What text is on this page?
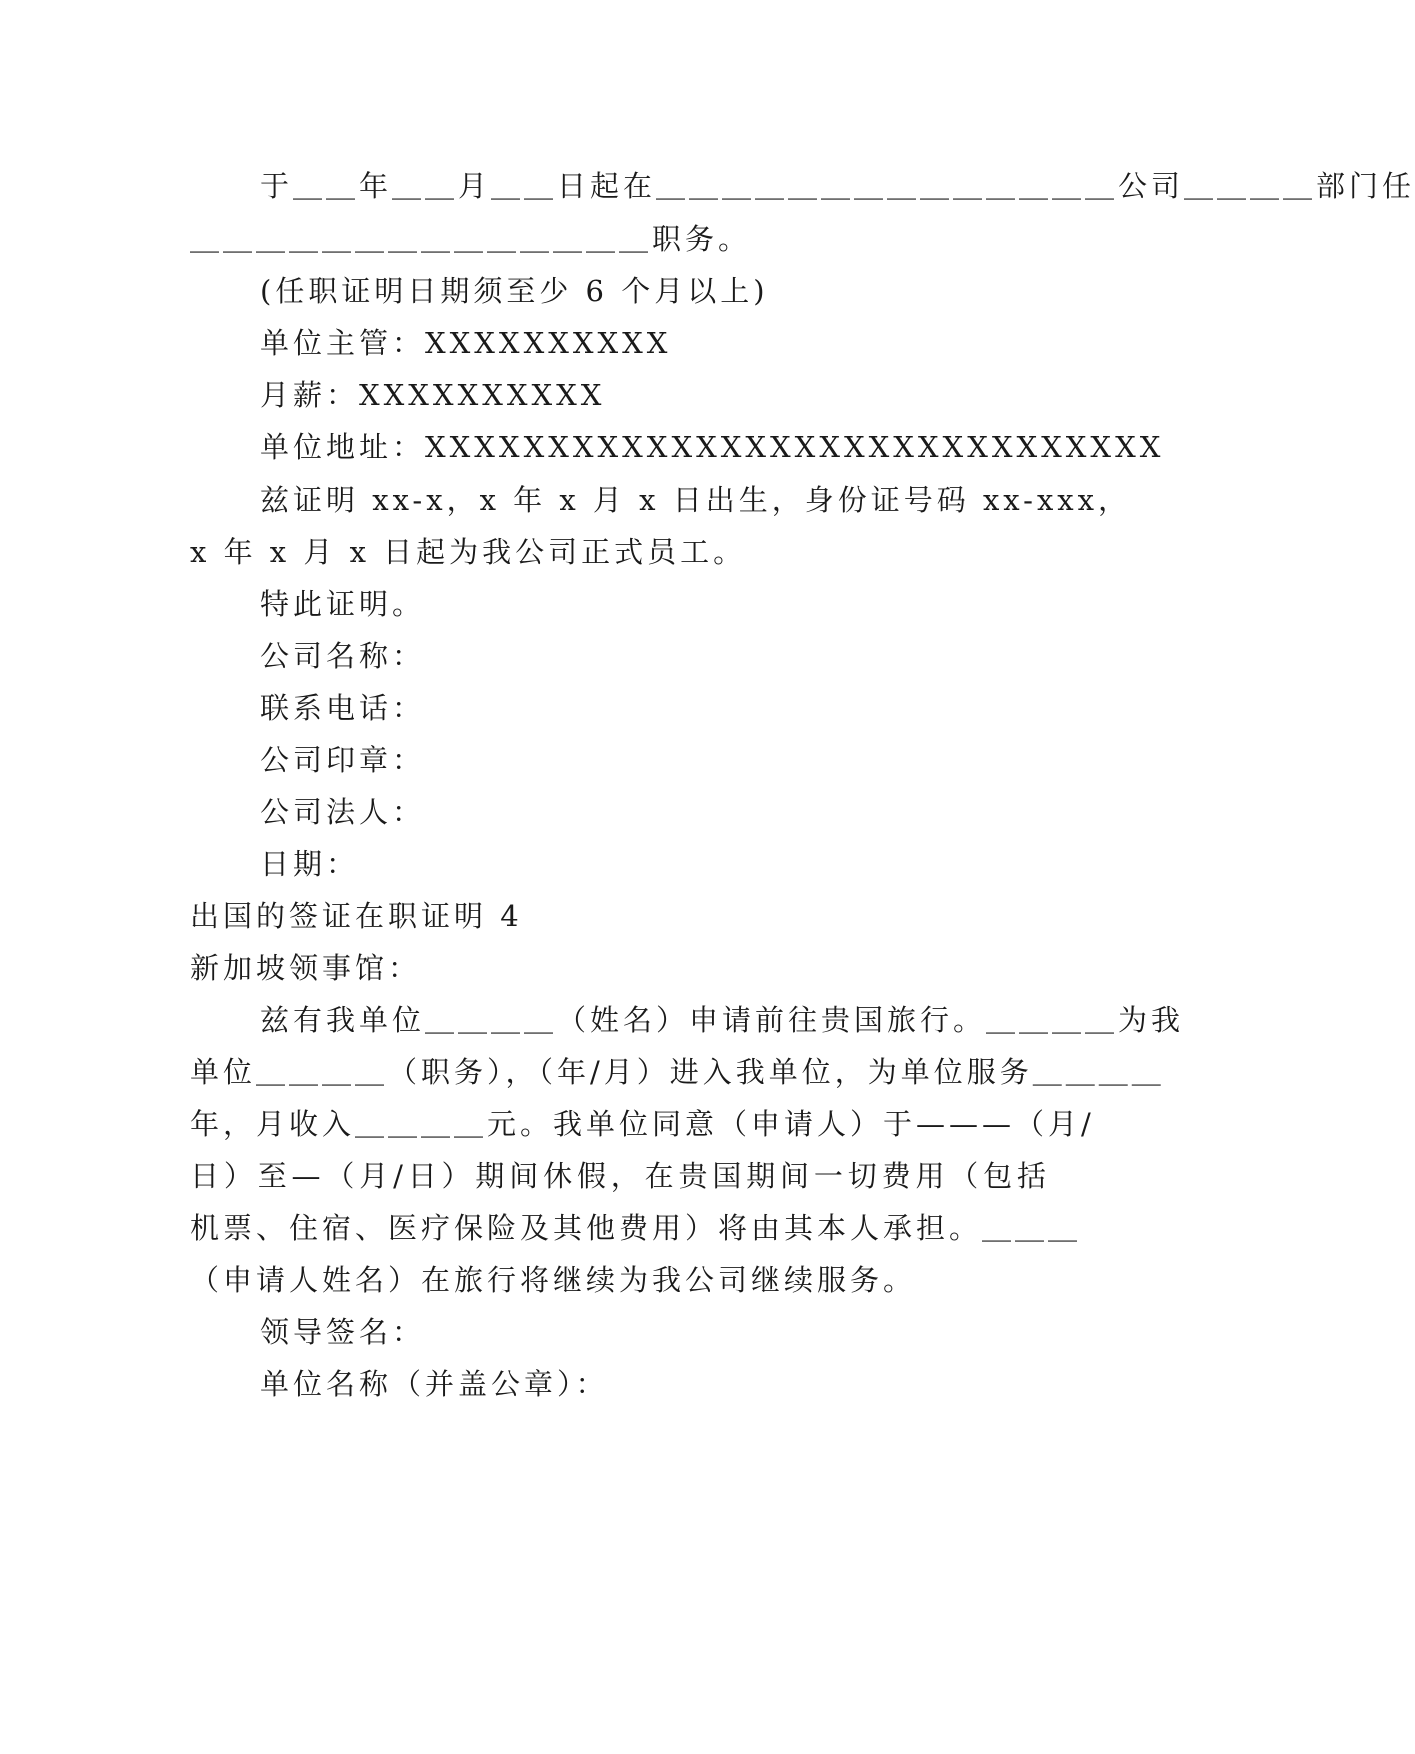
于＿＿年＿＿月＿＿日起在＿＿＿＿＿＿＿＿＿＿＿＿＿＿公司＿＿＿＿部门任
＿＿＿＿＿＿＿＿＿＿＿＿＿＿职务。
(任职证明日期须至少 6 个月以上)
单位主管：XXXXXXXXXX
月薪：XXXXXXXXXX
单位地址：XXXXXXXXXXXXXXXXXXXXXXXXXXXXXX
兹证明 xx-x，x 年 x 月 x 日出生，身份证号码 xx-xxx，
x 年 x 月 x 日起为我公司正式员工。
特此证明。
公司名称：
联系电话：
公司印章：
公司法人：
日期：
出国的签证在职证明 4
新加坡领事馆：
兹有我单位＿＿＿＿（姓名）申请前往贵国旅行。＿＿＿＿为我
单位＿＿＿＿（职务），（年/月）进入我单位，为单位服务＿＿＿＿
年，月收入＿＿＿＿元。我单位同意（申请人）于———（月/
日）至—（月/日）期间休假，在贵国期间一切费用（包括
机票、住宿、医疗保险及其他费用）将由其本人承担。＿＿＿
（申请人姓名）在旅行将继续为我公司继续服务。
领导签名：
单位名称（并盖公章）：
